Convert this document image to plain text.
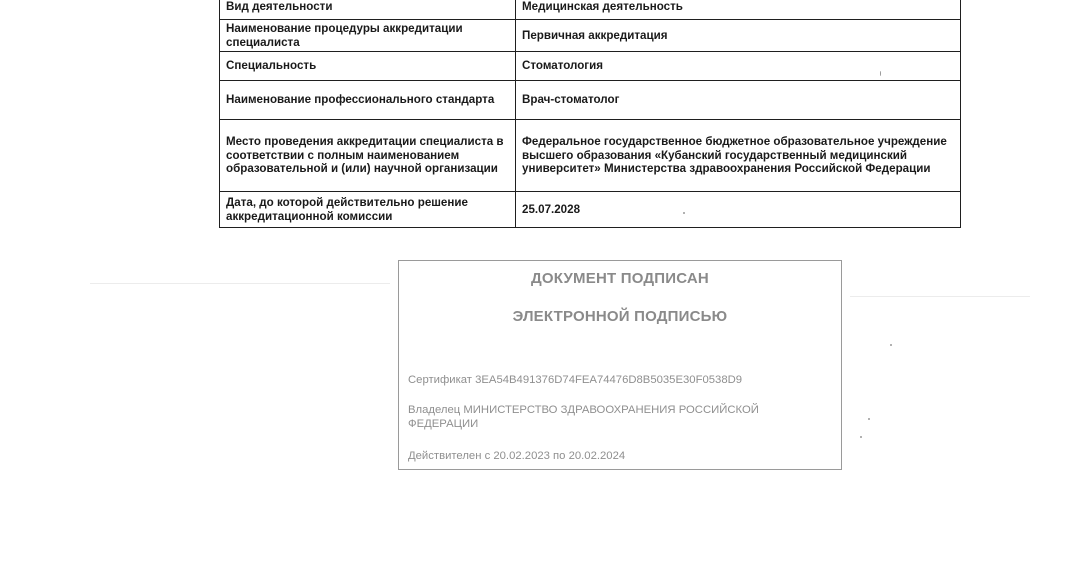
Вид деятельности	Медицинская деятельность
Наименование процедуры аккредитации специалиста	Первичная аккредитация
Специальность	Стоматология
Наименование профессионального стандарта	Врач-стоматолог
Место проведения аккредитации специалиста в соответствии с полным наименованием образовательной и (или) научной организации	Федеральное государственное бюджетное образовательное учреждение высшего образования «Кубанский государственный медицинский университет» Министерства здравоохранения Российской Федерации
Дата, до которой действительно решение аккредитационной комиссии	25.07.2028
ДОКУМЕНТ ПОДПИСАН
ЭЛЕКТРОННОЙ ПОДПИСЬЮ
Сертификат 3EA54B491376D74FEA74476D8B5035E30F0538D9
Владелец МИНИСТЕРСТВО ЗДРАВООХРАНЕНИЯ РОССИЙСКОЙ ФЕДЕРАЦИИ
Действителен с 20.02.2023 по 20.02.2024
